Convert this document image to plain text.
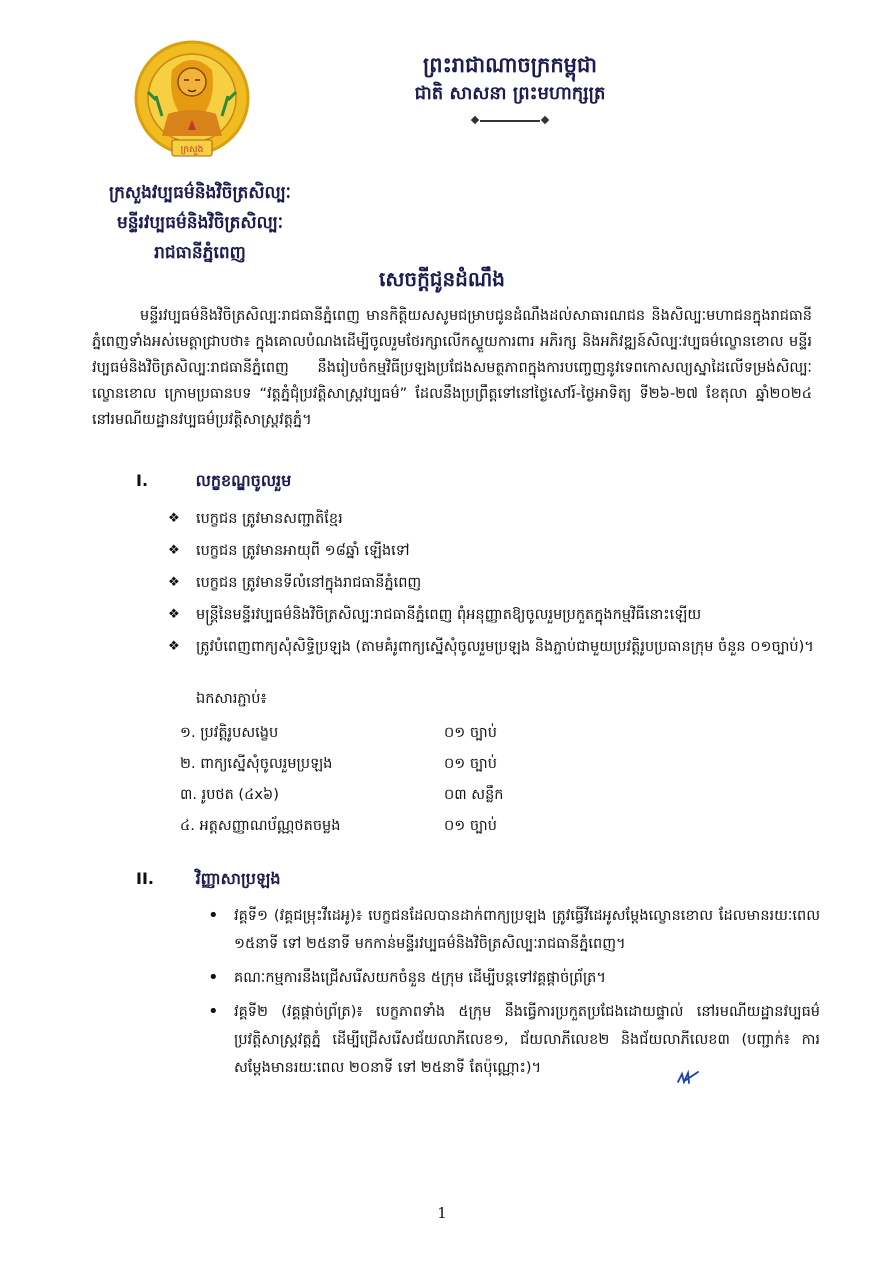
ក្រសួង
ព្រះរាជាណាចក្រកម្ពុជា
ជាតិ សាសនា ព្រះមហាក្សត្រ
ក្រសួងវប្បធម៌និងវិចិត្រសិល្បៈ
មន្ទីរវប្បធម៌និងវិចិត្រសិល្បៈ
រាជធានីភ្នំពេញ
សេចក្តីជូនដំណឹង

មន្ទីរវប្បធម៌និងវិចិត្រសិល្បៈរាជធានីភ្នំពេញ មានកិត្តិយសសូមជម្រាបជូនដំណឹងដល់សាធារណជន និងសិល្បៈមហាជនក្នុងរាជធានីភ្នំពេញទាំងអស់មេត្តាជ្រាបថា៖ ក្នុងគោលបំណងដើម្បីចូលរួមថែរក្សាលើកស្ទួយការពារ អភិរក្ស និងអភិវឌ្ឍន៍សិល្បៈវប្បធម៌ល្ខោនខោល មន្ទីរវប្បធម៌និងវិចិត្រសិល្បៈរាជធានីភ្នំពេញ នឹងរៀបចំកម្មវិធីប្រឡងប្រជែងសមត្ថភាពក្នុងការបញ្ចេញនូវទេពកោសល្យស្នាដៃលើទម្រង់សិល្បៈល្ខោនខោល ក្រោមប្រធានបទ “វត្តភ្នំជុំប្រវត្តិសាស្ត្រវប្បធម៌” ដែលនឹងប្រព្រឹត្តទៅនៅថ្ងៃសៅរ៍-ថ្ងៃអាទិត្យ ទី២៦-២៧ ខែតុលា ឆ្នាំ២០២៤ នៅរមណីយដ្ឋានវប្បធម៌ប្រវត្តិសាស្ត្រវត្តភ្នំ។

I.	លក្ខខណ្ឌចូលរួម
❖ បេក្ខជន ត្រូវមានសញ្ជាតិខ្មែរ
❖ បេក្ខជន ត្រូវមានអាយុពី ១៨ឆ្នាំ ឡើងទៅ
❖ បេក្ខជន ត្រូវមានទីលំនៅក្នុងរាជធានីភ្នំពេញ
❖ មន្ត្រីនៃមន្ទីរវប្បធម៌និងវិចិត្រសិល្បៈរាជធានីភ្នំពេញ ពុំអនុញ្ញាតឱ្យចូលរួមប្រកួតក្នុងកម្មវិធីនោះឡើយ
❖ ត្រូវបំពេញពាក្យសុំសិទ្ធិប្រឡង (តាមគំរូពាក្យស្នើសុំចូលរួមប្រឡង និងភ្ជាប់ជាមួយប្រវត្តិរូបប្រធានក្រុម ចំនួន ០១ច្បាប់)។
ឯកសារភ្ជាប់៖
១. ប្រវត្តិរូបសង្ខេប	០១ ច្បាប់
២. ពាក្យស្នើសុំចូលរួមប្រឡង	០១ ច្បាប់
៣. រូបថត (៤x៦)	០៣ សន្លឹក
៤. អត្តសញ្ញាណប័ណ្ណថតចម្លង	០១ ច្បាប់
II.	វិញ្ញាសាប្រឡង
• វគ្គទី១ (វគ្គជម្រុះវីដេអូ)៖ បេក្ខជនដែលបានដាក់ពាក្យប្រឡង ត្រូវធ្វើវីដេអូសម្តែងល្ខោនខោល ដែលមានរយៈពេល ១៥នាទី ទៅ ២៥នាទី មកកាន់មន្ទីរវប្បធម៌និងវិចិត្រសិល្បៈរាជធានីភ្នំពេញ។
• គណៈកម្មការនឹងជ្រើសរើសយកចំនួន ៥ក្រុម ដើម្បីបន្តទៅវគ្គផ្តាច់ព្រ័ត្រ។
• វគ្គទី២ (វគ្គផ្តាច់ព្រ័ត្រ)៖ បេក្ខភាពទាំង ៥ក្រុម នឹងធ្វើការប្រកួតប្រជែងដោយផ្ទាល់ នៅរមណីយដ្ឋានវប្បធម៌ប្រវត្តិសាស្ត្រវត្តភ្នំ ដើម្បីជ្រើសរើសជ័យលាភីលេខ១, ជ័យលាភីលេខ២ និងជ័យលាភីលេខ៣ (បញ្ជាក់៖ ការសម្តែងមានរយៈពេល ២០នាទី ទៅ ២៥នាទី តែប៉ុណ្ណោះ)។
1
